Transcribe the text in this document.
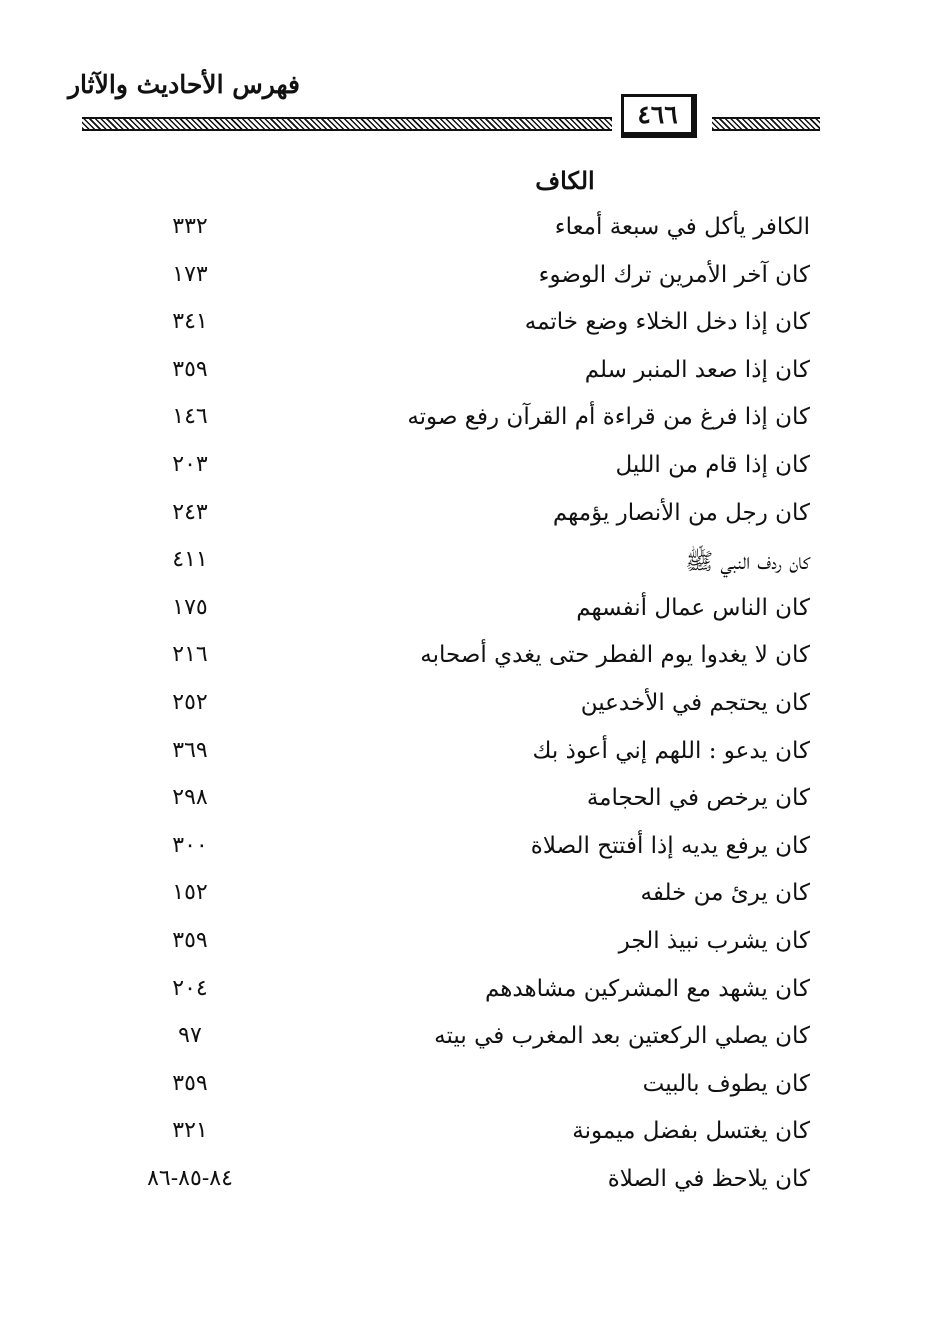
فهرس الأحاديث والآثار
٤٦٦
الكاف
الكافر يأكل في سبعة أمعاء
٣٣٢
كان آخر الأمرين ترك الوضوء
١٧٣
كان إذا دخل الخلاء وضع خاتمه
٣٤١
كان إذا صعد المنبر سلم
٣٥٩
كان إذا فرغ من قراءة أم القرآن رفع صوته
١٤٦
كان إذا قام من الليل
٢٠٣
كان رجل من الأنصار يؤمهم
٢٤٣
كان ردف النبي ﷺ
٤١١
كان الناس عمال أنفسهم
١٧٥
كان لا يغدوا يوم الفطر حتى يغدي أصحابه
٢١٦
كان يحتجم في الأخدعين
٢٥٢
كان يدعو : اللهم إني أعوذ بك
٣٦٩
كان يرخص في الحجامة
٢٩٨
كان يرفع يديه إذا أفتتح الصلاة
٣٠٠
كان يرئ من خلفه
١٥٢
كان يشرب نبيذ الجر
٣٥٩
كان يشهد مع المشركين مشاهدهم
٢٠٤
كان يصلي الركعتين بعد المغرب في بيته
٩٧
كان يطوف بالبيت
٣٥٩
كان يغتسل بفضل ميمونة
٣٢١
كان يلاحظ في الصلاة
٨٤-٨٥-٨٦
